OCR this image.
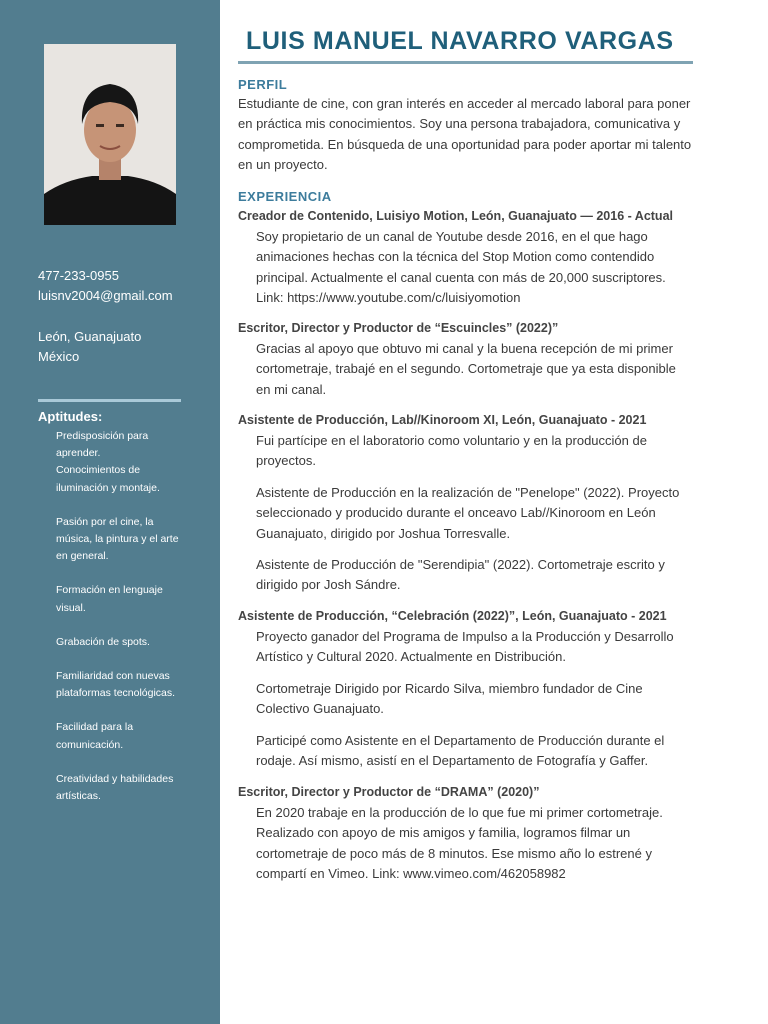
477-233-0955
luisnv2004@gmail.com
León, Guanajuato
México
Aptitudes:
Predisposición para aprender.
Conocimientos de iluminación y montaje.
Pasión por el cine, la música, la pintura y el arte en general.
Formación en lenguaje visual.
Grabación de spots.
Familiaridad con nuevas plataformas tecnológicas.
Facilidad para la comunicación.
Creatividad y habilidades artísticas.
LUIS MANUEL NAVARRO VARGAS
PERFIL

Estudiante de cine, con gran interés en acceder al mercado laboral para poner en práctica mis conocimientos. Soy una persona trabajadora, comunicativa y comprometida. En búsqueda de una oportunidad para poder aportar mi talento en un proyecto.

EXPERIENCIA
Creador de Contenido, Luisiyo Motion, León, Guanajuato — 2016 - Actual

Soy propietario de un canal de Youtube desde 2016, en el que hago animaciones hechas con la técnica del Stop Motion como contendido principal. Actualmente el canal cuenta con más de 20,000 suscriptores. Link: https://www.youtube.com/c/luisiyomotion

Escritor, Director y Productor de “Escuincles” (2022)”

Gracias al apoyo que obtuvo mi canal y la buena recepción de mi primer cortometraje, trabajé en el segundo. Cortometraje que ya esta disponible en mi canal.

Asistente de Producción, Lab//Kinoroom XI, León, Guanajuato - 2021

Fui partícipe en el laboratorio como voluntario y en la producción de proyectos.

Asistente de Producción en la realización de "Penelope" (2022). Proyecto seleccionado y producido durante el onceavo Lab//Kinoroom en León Guanajuato, dirigido por Joshua Torresvalle.

Asistente de Producción de "Serendipia" (2022). Cortometraje escrito y dirigido por Josh Sándre.

Asistente de Producción, “Celebración (2022)”, León, Guanajuato - 2021

Proyecto ganador del Programa de Impulso a la Producción y Desarrollo Artístico y Cultural 2020. Actualmente en Distribución.

Cortometraje Dirigido por Ricardo Silva, miembro fundador de Cine Colectivo Guanajuato.

Participé como Asistente en el Departamento de Producción durante el rodaje. Así mismo, asistí en el Departamento de Fotografía y Gaffer.

Escritor, Director y Productor de “DRAMA” (2020)”

En 2020 trabaje en la producción de lo que fue mi primer cortometraje. Realizado con apoyo de mis amigos y familia, logramos filmar un cortometraje de poco más de 8 minutos. Ese mismo año lo estrené y compartí en Vimeo. Link: www.vimeo.com/462058982
